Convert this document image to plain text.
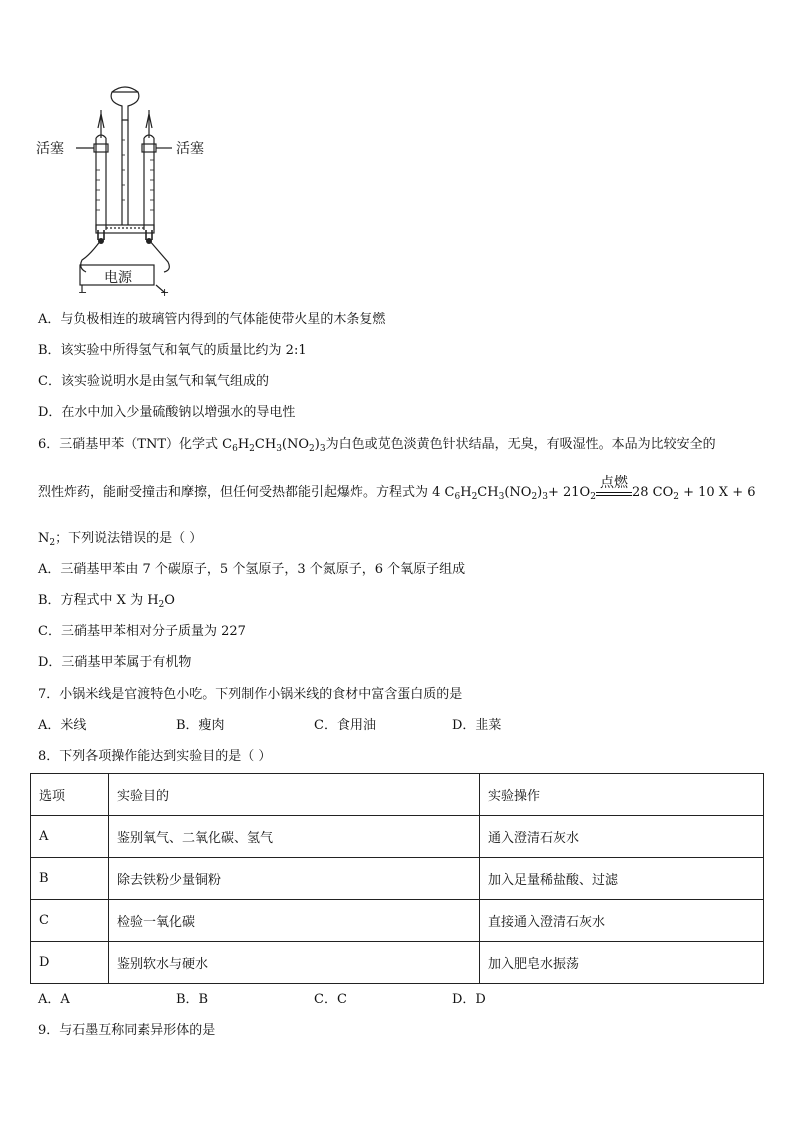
活塞	活塞
电源
−	+
A．与负极相连的玻璃管内得到的气体能使带火星的木条复燃
B．该实验中所得氢气和氧气的质量比约为 2:1
C．该实验说明水是由氢气和氧气组成的
D．在水中加入少量硫酸钠以增强水的导电性
6．三硝基甲苯（TNT）化学式 $C_6H_2CH_3(NO_2)_3$为白色或苋色淡黄色针状结晶，无臭，有吸湿性。本品为比较安全的
烈性炸药，能耐受撞击和摩擦，但任何受热都能引起爆炸。方程式为 4 $C_6H_2CH_3(NO_2)_3+ 21O_2$
点燃
28 $CO_2 + 10$ X + 6
$N_2$；下列说法错误的是（ ）
A．三硝基甲苯由 7 个碳原子，5 个氢原子，3 个氮原子，6 个氧原子组成
B．方程式中 X 为 $H_2O$
C．三硝基甲苯相对分子质量为 227
D．三硝基甲苯属于有机物
7．小锅米线是官渡特色小吃。下列制作小锅米线的食材中富含蛋白质的是
A．米线	B．瘦肉	C．食用油	D．韭菜
8．下列各项操作能达到实验目的是（ ）
选项	实验目的	实验操作
A	鉴别氧气、二氧化碳、氢气	通入澄清石灰水
B	除去铁粉少量铜粉	加入足量稀盐酸、过滤
C	检验一氧化碳	直接通入澄清石灰水
D	鉴别软水与硬水	加入肥皂水振荡
A．A	B．B	C．C	D．D
9．与石墨互称同素异形体的是
